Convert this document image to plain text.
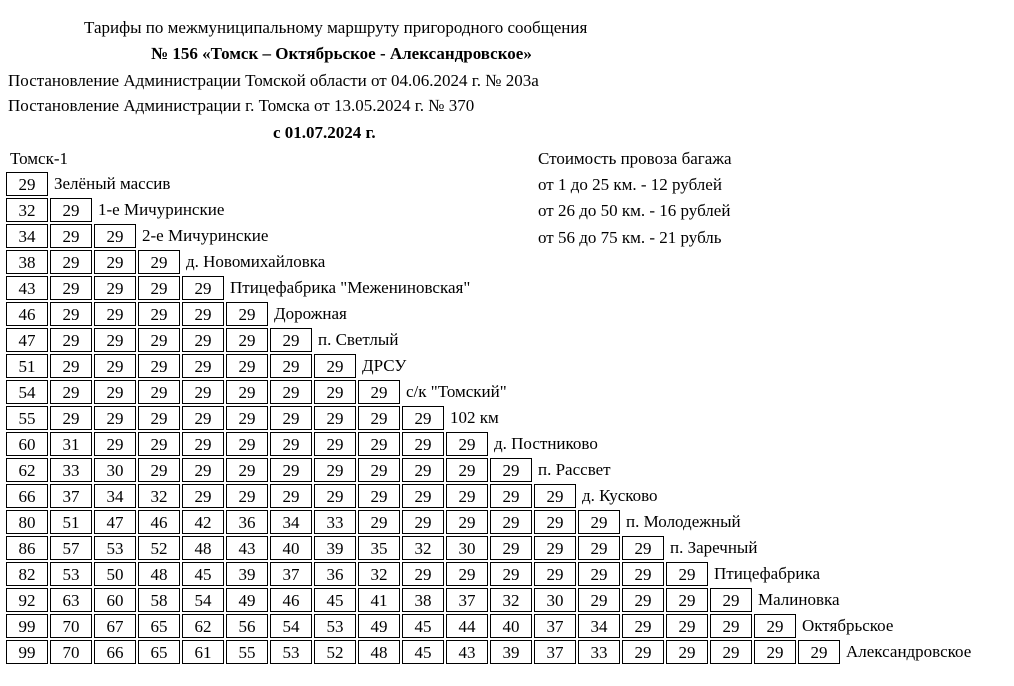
Тарифы по межмуниципальному маршруту пригородного сообщения
№ 156 «Томск – Октябрьское - Александровское»
Постановление Администрации Томской области от 04.06.2024 г. № 203а
Постановление Администрации г. Томска от 13.05.2024 г. № 370
с 01.07.2024 г.
Томск-1	Стоимость провоза багажа
от 1 до 25 км. - 12 рублей
от 26 до 50 км. - 16 рублей
от 56 до 75 км. - 21 рубль
29	Зелёный массив
32	29	1-е Мичуринские
34	29	29	2-е Мичуринские
38	29	29	29	д. Новомихайловка
43	29	29	29	29	Птицефабрика "Межениновская"
46	29	29	29	29	29	Дорожная
47	29	29	29	29	29	29	п. Светлый
51	29	29	29	29	29	29	29	ДРСУ
54	29	29	29	29	29	29	29	29	с/к "Томский"
55	29	29	29	29	29	29	29	29	29	102 км
60	31	29	29	29	29	29	29	29	29	29	д. Постниково
62	33	30	29	29	29	29	29	29	29	29	29	п. Рассвет
66	37	34	32	29	29	29	29	29	29	29	29	29	д. Кусково
80	51	47	46	42	36	34	33	29	29	29	29	29	29	п. Молодежный
86	57	53	52	48	43	40	39	35	32	30	29	29	29	29	п. Заречный
82	53	50	48	45	39	37	36	32	29	29	29	29	29	29	29	Птицефабрика
92	63	60	58	54	49	46	45	41	38	37	32	30	29	29	29	29	Малиновка
99	70	67	65	62	56	54	53	49	45	44	40	37	34	29	29	29	29	Октябрьское
99	70	66	65	61	55	53	52	48	45	43	39	37	33	29	29	29	29	29	Александровское
